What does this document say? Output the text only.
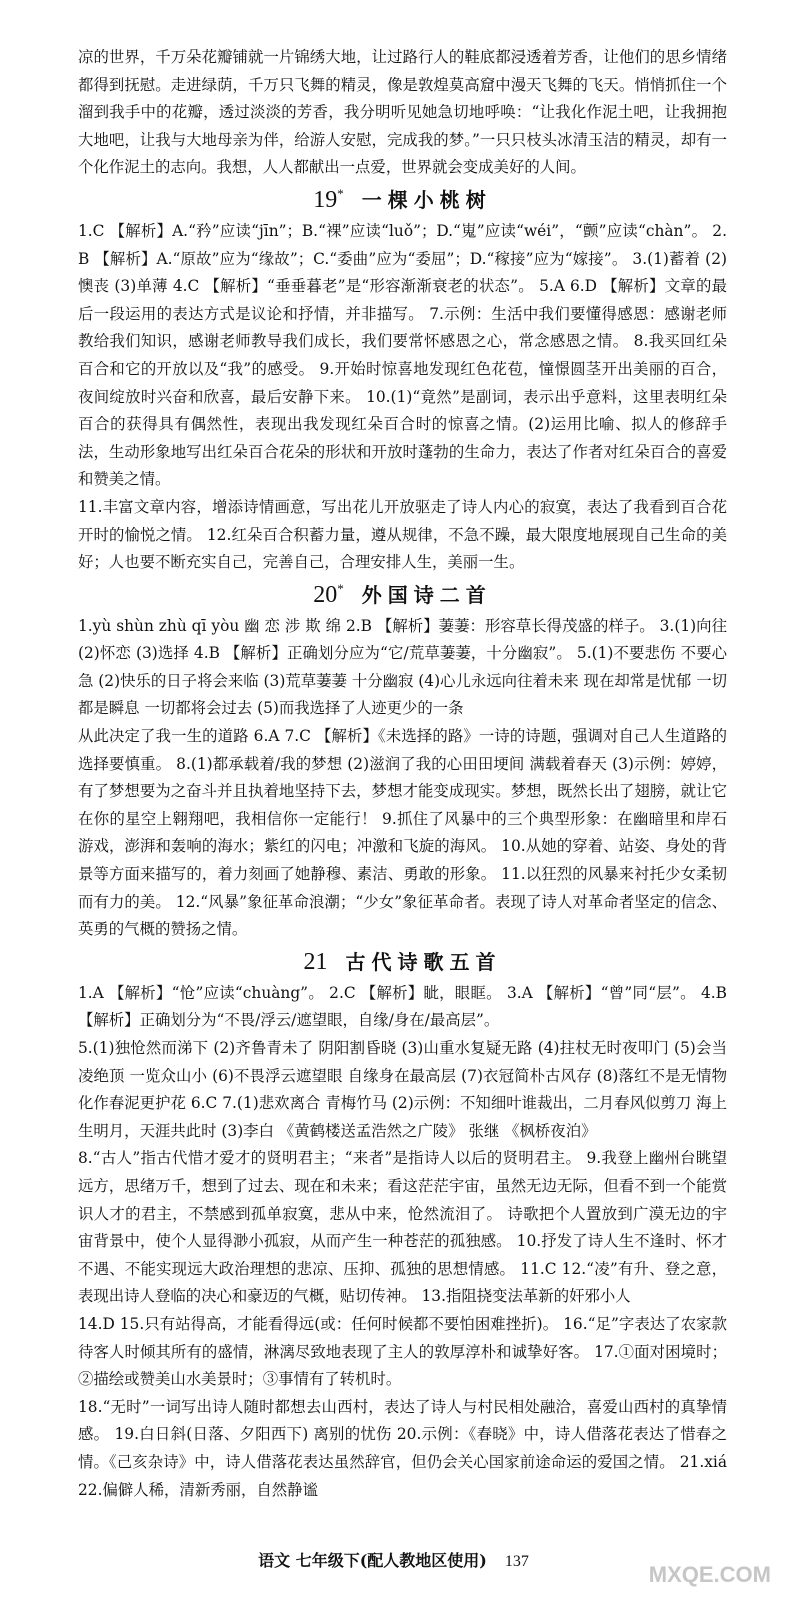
凉的世界，千万朵花瓣铺就一片锦绣大地，让过路行人的鞋底都浸透着芳香，让他们的思乡情绪都得到抚慰。走进绿荫，千万只飞舞的精灵，像是敦煌莫高窟中漫天飞舞的飞天。悄悄抓住一个溜到我手中的花瓣，透过淡淡的芳香，我分明听见她急切地呼唤：“让我化作泥土吧，让我拥抱大地吧，让我与大地母亲为伴，给游人安慰，完成我的梦。”一只只枝头冰清玉洁的精灵，却有一个化作泥土的志向。我想，人人都献出一点爱，世界就会变成美好的人间。

19* 一棵小桃树

1.C 【解析】A.“矜”应读“jīn”；B.“裸”应读“luǒ”；D.“嵬”应读“wéi”，“颤”应读“chàn”。 2.B 【解析】A.“原故”应为“缘故”；C.“委曲”应为“委屈”；D.“稼接”应为“嫁接”。 3.(1)蓄着 (2)懊丧 (3)单薄 4.C 【解析】“垂垂暮老”是“形容渐渐衰老的状态”。 5.A 6.D 【解析】文章的最后一段运用的表达方式是议论和抒情，并非描写。 7.示例：生活中我们要懂得感恩：感谢老师教给我们知识，感谢老师教导我们成长，我们要常怀感恩之心，常念感恩之情。 8.我买回红朵百合和它的开放以及“我”的感受。 9.开始时惊喜地发现红色花苞，憧憬圆茎开出美丽的百合，夜间绽放时兴奋和欣喜，最后安静下来。 10.(1)“竟然”是副词，表示出乎意料，这里表明红朵百合的获得具有偶然性，表现出我发现红朵百合时的惊喜之情。(2)运用比喻、拟人的修辞手法，生动形象地写出红朵百合花朵的形状和开放时蓬勃的生命力，表达了作者对红朵百合的喜爱和赞美之情。

11.丰富文章内容，增添诗情画意，写出花儿开放驱走了诗人内心的寂寞，表达了我看到百合花开时的愉悦之情。 12.红朵百合积蓄力量，遵从规律，不急不躁，最大限度地展现自己生命的美好；人也要不断充实自己，完善自己，合理安排人生，美丽一生。

20* 外国诗二首

1.yù shùn zhù qī yòu 幽 恋 涉 欺 绵 2.B 【解析】萋萋：形容草长得茂盛的样子。 3.(1)向往 (2)怀恋 (3)选择 4.B 【解析】正确划分应为“它/荒草萋萋，十分幽寂”。 5.(1)不要悲伤 不要心急 (2)快乐的日子将会来临 (3)荒草萋萋 十分幽寂 (4)心儿永远向往着未来 现在却常是忧郁 一切都是瞬息 一切都将会过去 (5)而我选择了人迹更少的一条

从此决定了我一生的道路 6.A 7.C 【解析】《未选择的路》一诗的诗题，强调对自己人生道路的选择要慎重。 8.(1)都承载着/我的梦想 (2)滋润了我的心田田埂间 满载着春天 (3)示例：婷婷，有了梦想要为之奋斗并且执着地坚持下去，梦想才能变成现实。梦想，既然长出了翅膀，就让它在你的星空上翱翔吧，我相信你一定能行！ 9.抓住了风暴中的三个典型形象：在幽暗里和岸石游戏，澎湃和轰响的海水；紫红的闪电；冲激和飞旋的海风。 10.从她的穿着、站姿、身处的背景等方面来描写的，着力刻画了她静穆、素洁、勇敢的形象。 11.以狂烈的风暴来衬托少女柔韧而有力的美。 12.“风暴”象征革命浪潮；“少女”象征革命者。表现了诗人对革命者坚定的信念、英勇的气概的赞扬之情。

21 古代诗歌五首

1.A 【解析】“怆”应读“chuàng”。 2.C 【解析】眦，眼眶。 3.A 【解析】“曾”同“层”。 4.B 【解析】正确划分为“不畏/浮云/遮望眼，自缘/身在/最高层”。

5.(1)独怆然而涕下 (2)齐鲁青未了 阴阳割昏晓 (3)山重水复疑无路 (4)拄杖无时夜叩门 (5)会当凌绝顶 一览众山小 (6)不畏浮云遮望眼 自缘身在最高层 (7)衣冠简朴古风存 (8)落红不是无情物 化作春泥更护花 6.C 7.(1)悲欢离合 青梅竹马 (2)示例：不知细叶谁裁出，二月春风似剪刀 海上生明月，天涯共此时 (3)李白 《黄鹤楼送孟浩然之广陵》 张继 《枫桥夜泊》

8.“古人”指古代惜才爱才的贤明君主；“来者”是指诗人以后的贤明君主。 9.我登上幽州台眺望远方，思绪万千，想到了过去、现在和未来；看这茫茫宇宙，虽然无边无际，但看不到一个能赏识人才的君主，不禁感到孤单寂寞，悲从中来，怆然流泪了。 诗歌把个人置放到广漠无边的宇宙背景中，使个人显得渺小孤寂，从而产生一种苍茫的孤独感。 10.抒发了诗人生不逢时、怀才不遇、不能实现远大政治理想的悲凉、压抑、孤独的思想情感。 11.C 12.“凌”有升、登之意，表现出诗人登临的决心和豪迈的气概，贴切传神。 13.指阻挠变法革新的奸邪小人

14.D 15.只有站得高，才能看得远(或：任何时候都不要怕困难挫折)。 16.“足”字表达了农家款待客人时倾其所有的盛情，淋漓尽致地表现了主人的敦厚淳朴和诚挚好客。 17.①面对困境时；②描绘或赞美山水美景时；③事情有了转机时。

18.“无时”一词写出诗人随时都想去山西村，表达了诗人与村民相处融洽，喜爱山西村的真挚情感。 19.白日斜(日落、夕阳西下) 离别的忧伤 20.示例：《春晓》中，诗人借落花表达了惜春之情。《己亥杂诗》中，诗人借落花表达虽然辞官，但仍会关心国家前途命运的爱国之情。 21.xiá 22.偏僻人稀，清新秀丽，自然静谧

语文 七年级下(配人教地区使用) 137
MXQE.COM
